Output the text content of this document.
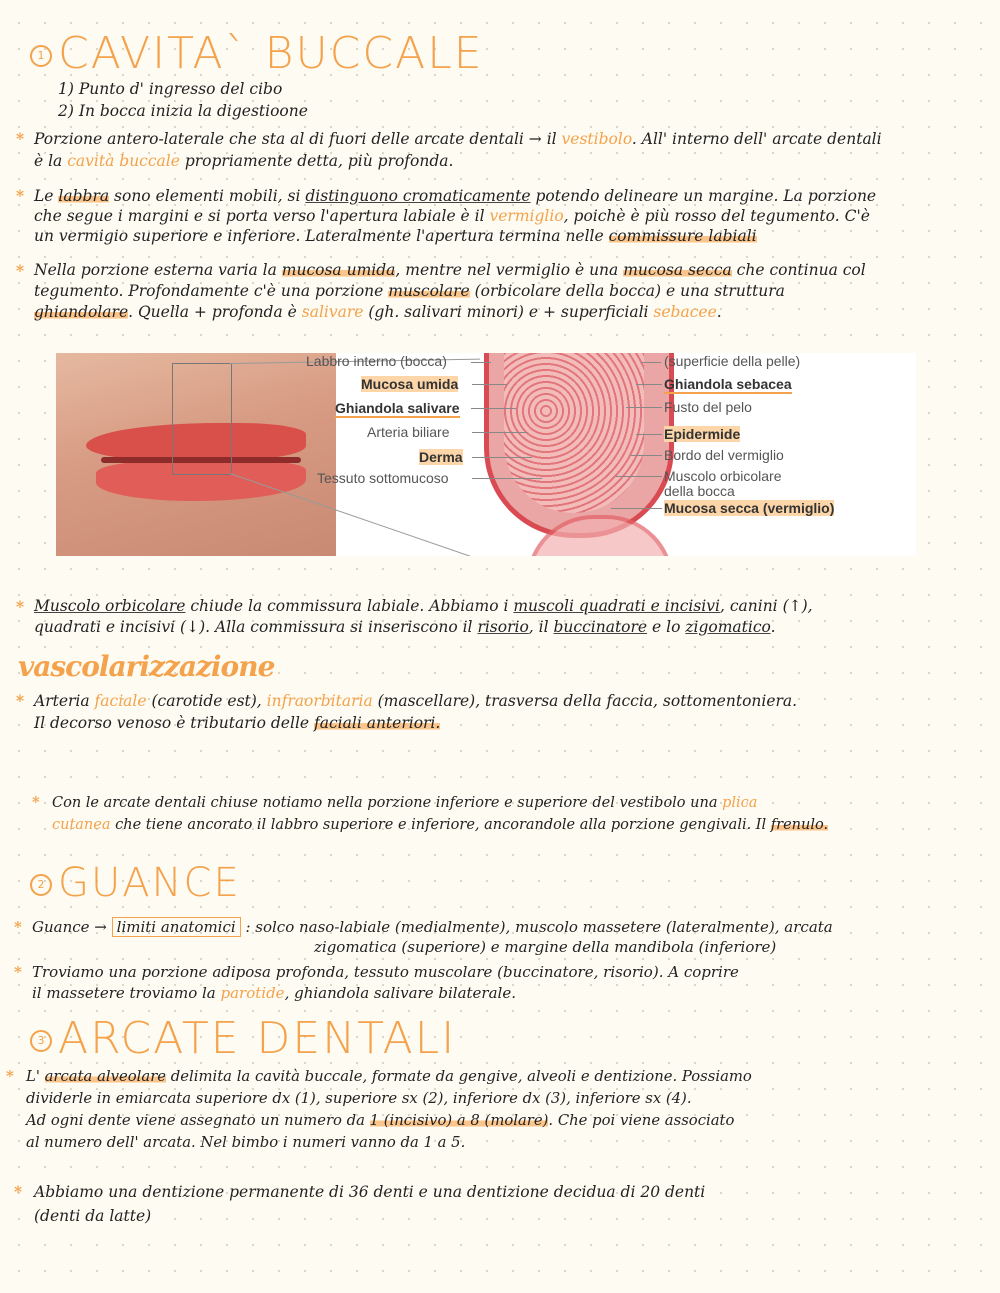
1 CAVITA` BUCCALE
1) Punto d' ingresso del cibo
2) In bocca inizia la digestioone
* Porzione antero-laterale che sta al di fuori delle arcate dentali → il vestibolo. All' interno dell' arcate dentali
è la cavità buccale propriamente detta, più profonda.
* Le labbra sono elementi mobili, si distinguono cromaticamente potendo delineare un margine. La porzione
che segue i margini e si porta verso l'apertura labiale è il vermiglio, poichè è più rosso del tegumento. C'è
un vermigio superiore e inferiore. Lateralmente l'apertura termina nelle commissure labiali
* Nella porzione esterna varia la mucosa umida, mentre nel vermiglio è una mucosa secca che continua col
tegumento. Profondamente c'è una porzione muscolare (orbicolare della bocca) e una struttura
ghiandolare. Quella + profonda è salivare (gh. salivari minori) e + superficiali sebacee.
Labbro interno (bocca)
Mucosa umida
Ghiandola salivare
Arteria biliare
Derma
Tessuto sottomucoso
(superficie della pelle)
Ghiandola sebacea
Fusto del pelo
Epidermide
Bordo del vermiglio
Muscolo orbicolare
della bocca
Mucosa secca (vermiglio)
* Muscolo orbicolare chiude la commissura labiale. Abbiamo i muscoli quadrati e incisivi, canini (↑),
quadrati e incisivi (↓). Alla commissura si inseriscono il risorio, il buccinatore e lo zigomatico.
vascolarizzazione
* Arteria faciale (carotide est), infraorbitaria (mascellare), trasversa della faccia, sottomentoniera.
Il decorso venoso è tributario delle faciali anteriori.
* Con le arcate dentali chiuse notiamo nella porzione inferiore e superiore del vestibolo una plica
cutanea che tiene ancorato il labbro superiore e inferiore, ancorandole alla porzione gengivali. Il frenulo.
2 GUANCE
* Guance → limiti anatomici : solco naso-labiale (medialmente), muscolo massetere (lateralmente), arcata
zigomatica (superiore) e margine della mandibola (inferiore)
* Troviamo una porzione adiposa profonda, tessuto muscolare (buccinatore, risorio). A coprire
il massetere troviamo la parotide, ghiandola salivare bilaterale.
3 ARCATE DENTALI
* L' arcata alveolare delimita la cavità buccale, formate da gengive, alveoli e dentizione. Possiamo
dividerle in emiarcata superiore dx (1), superiore sx (2), inferiore dx (3), inferiore sx (4).
Ad ogni dente viene assegnato un numero da 1 (incisivo) a 8 (molare). Che poi viene associato
al numero dell' arcata. Nel bimbo i numeri vanno da 1 a 5.
* Abbiamo una dentizione permanente di 36 denti e una dentizione decidua di 20 denti
(denti da latte)
